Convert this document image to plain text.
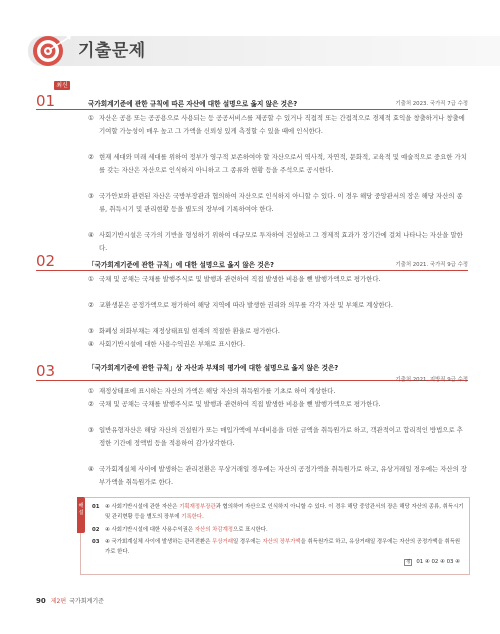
기출문제
01
최신
국가회계기준에 관한 규칙에 따른 자산에 대한 설명으로 옳지 않은 것은?	기출처 2023. 국가직 7급 수정
① 자산은 공용 또는 공공용으로 사용되는 등 공공서비스를 제공할 수 있거나 직접적 또는 간접적으로 경제적 효익을 창출하거나 창출에 기여할 가능성이 매우 높고 그 가액을 신뢰성 있게 측정할 수 있을 때에 인식한다.
② 현재 세대와 미래 세대를 위하여 정부가 영구적 보존하여야 할 자산으로서 역사적, 자연적, 문화적, 교육적 및 예술적으로 중요한 가치를 갖는 자산은 자산으로 인식하지 아니하고 그 종류와 현황 등을 주석으로 공시한다.
③ 국가안보와 관련된 자산은 국방부장관과 협의하여 자산으로 인식하지 아니할 수 있다. 이 경우 해당 중앙관서의 장은 해당 자산의 종류, 취득시기 및 관리현황 등을 별도의 장부에 기록하여야 한다.
④ 사회기반시설은 국가의 기반을 형성하기 위하여 대규모로 투자하여 건설하고 그 경제적 효과가 장기간에 걸쳐 나타나는 자산을 말한다.
02	「국가회계기준에 관한 규칙」에 대한 설명으로 옳지 않은 것은?	기출처 2021. 국가직 9급 수정
① 국채 및 공채는 국채를 발행주식로 및 발행과 관련하여 직접 발생한 비용을 뺀 발행가액으로 평가한다.
② 교환생분은 공정가액으로 평가하여 해당 지역에 따라 발생한 권리와 의무를 각각 자산 및 부채로 계상한다.
③ 화폐성 외화부채는 재정상태표일 현재의 적절한 환율로 평가한다.
④ 사회기반시설에 대한 사용수익권은 부채로 표시한다.
03	「국가회계기준에 관한 규칙」상 자산과 부채의 평가에 대한 설명으로 옳지 않은 것은?
기출처 2021. 지방직 9급 수정
① 재정상태표에 표시하는 자산의 가액은 해당 자산의 취득원가를 기초로 하여 계상한다.
② 국채 및 공채는 국채를 발행주식로 및 발행과 관련하여 직접 발생한 비용을 뺀 발행가액으로 평가한다.
③ 일반유형자산은 해당 자산의 건설원가 또는 매입가액에 부대비용을 더한 금액을 취득원가로 하고, 객관적이고 합리적인 방법으로 추정한 기간에 정액법 등을 적용하여 감가상각한다.
④ 국가회계실체 사이에 발생하는 관리전환은 무상거래일 경우에는 자산의 공정가액을 취득원가로 하고, 유상거래일 경우에는 자산의 장부가액을 취득원가로 한다.
해설
01	④ 사회기반시설에 관한 자산은 기획재정부장관과 협의하여 자산으로 인식하지 아니할 수 있다. 이 경우 해당 중앙관서의 장은 해당 자산의 종류, 취득시기 및 관리현황 등을 별도의 장부에 기록한다.
02	④ 사회기반시설에 대한 사용수익권은 자산의 차감계정으로 표시한다.
03	④ 국가회계실체 사이에 발생하는 관리전환은 무상거래일 경우에는 자산의 장부가액을 취득원가로 하고, 유상거래일 경우에는 자산의 공정가액을 취득원가로 한다.
정 01 ④ 02 ④ 03 ④
90 제2편 국가회계기준
